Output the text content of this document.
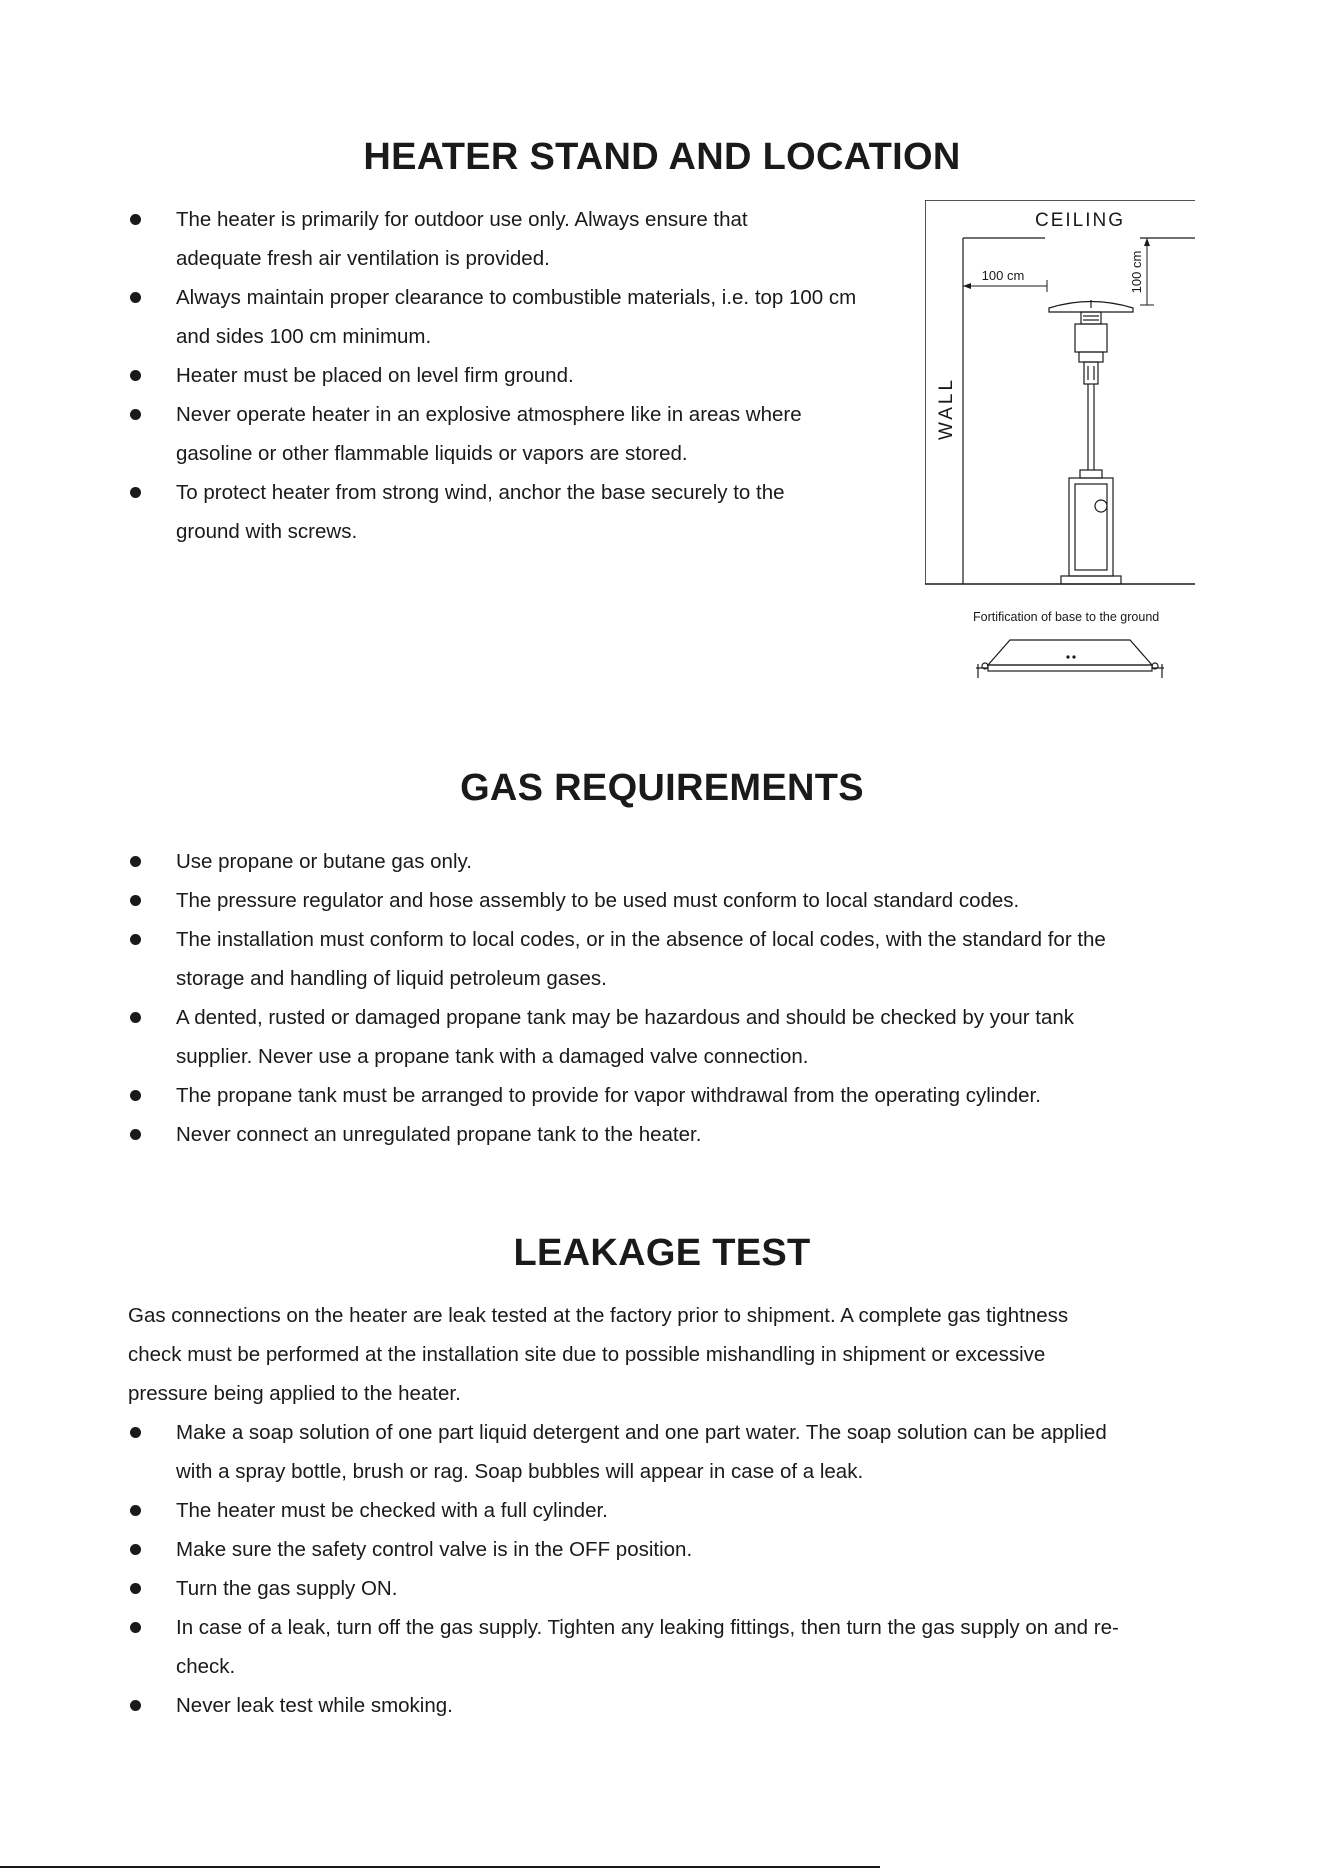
HEATER STAND AND LOCATION
The heater is primarily for outdoor use only. Always ensure that
adequate fresh air ventilation is provided.
Always maintain proper clearance to combustible materials, i.e. top 100 cm
and sides 100 cm minimum.
Heater must be placed on level firm ground.
Never operate heater in an explosive atmosphere like in areas where
gasoline or other flammable liquids or vapors are stored.
To protect heater from strong wind, anchor the base securely to the
ground with screws.
CEILING
WALL
100 cm	100 cm
Fortification of base to the ground
GAS REQUIREMENTS
Use propane or butane gas only.
The pressure regulator and hose assembly to be used must conform to local standard codes.
The installation must conform to local codes, or in the absence of local codes, with the standard for the
storage and handling of liquid petroleum gases.
A dented, rusted or damaged propane tank may be hazardous and should be checked by your tank
supplier. Never use a propane tank with a damaged valve connection.
The propane tank must be arranged to provide for vapor withdrawal from the operating cylinder.
Never connect an unregulated propane tank to the heater.
LEAKAGE TEST
Gas connections on the heater are leak tested at the factory prior to shipment. A complete gas tightness
check must be performed at the installation site due to possible mishandling in shipment or excessive
pressure being applied to the heater.
Make a soap solution of one part liquid detergent and one part water. The soap solution can be applied
with a spray bottle, brush or rag. Soap bubbles will appear in case of a leak.
The heater must be checked with a full cylinder.
Make sure the safety control valve is in the OFF position.
Turn the gas supply ON.
In case of a leak, turn off the gas supply. Tighten any leaking fittings, then turn the gas supply on and re-
check.
Never leak test while smoking.
